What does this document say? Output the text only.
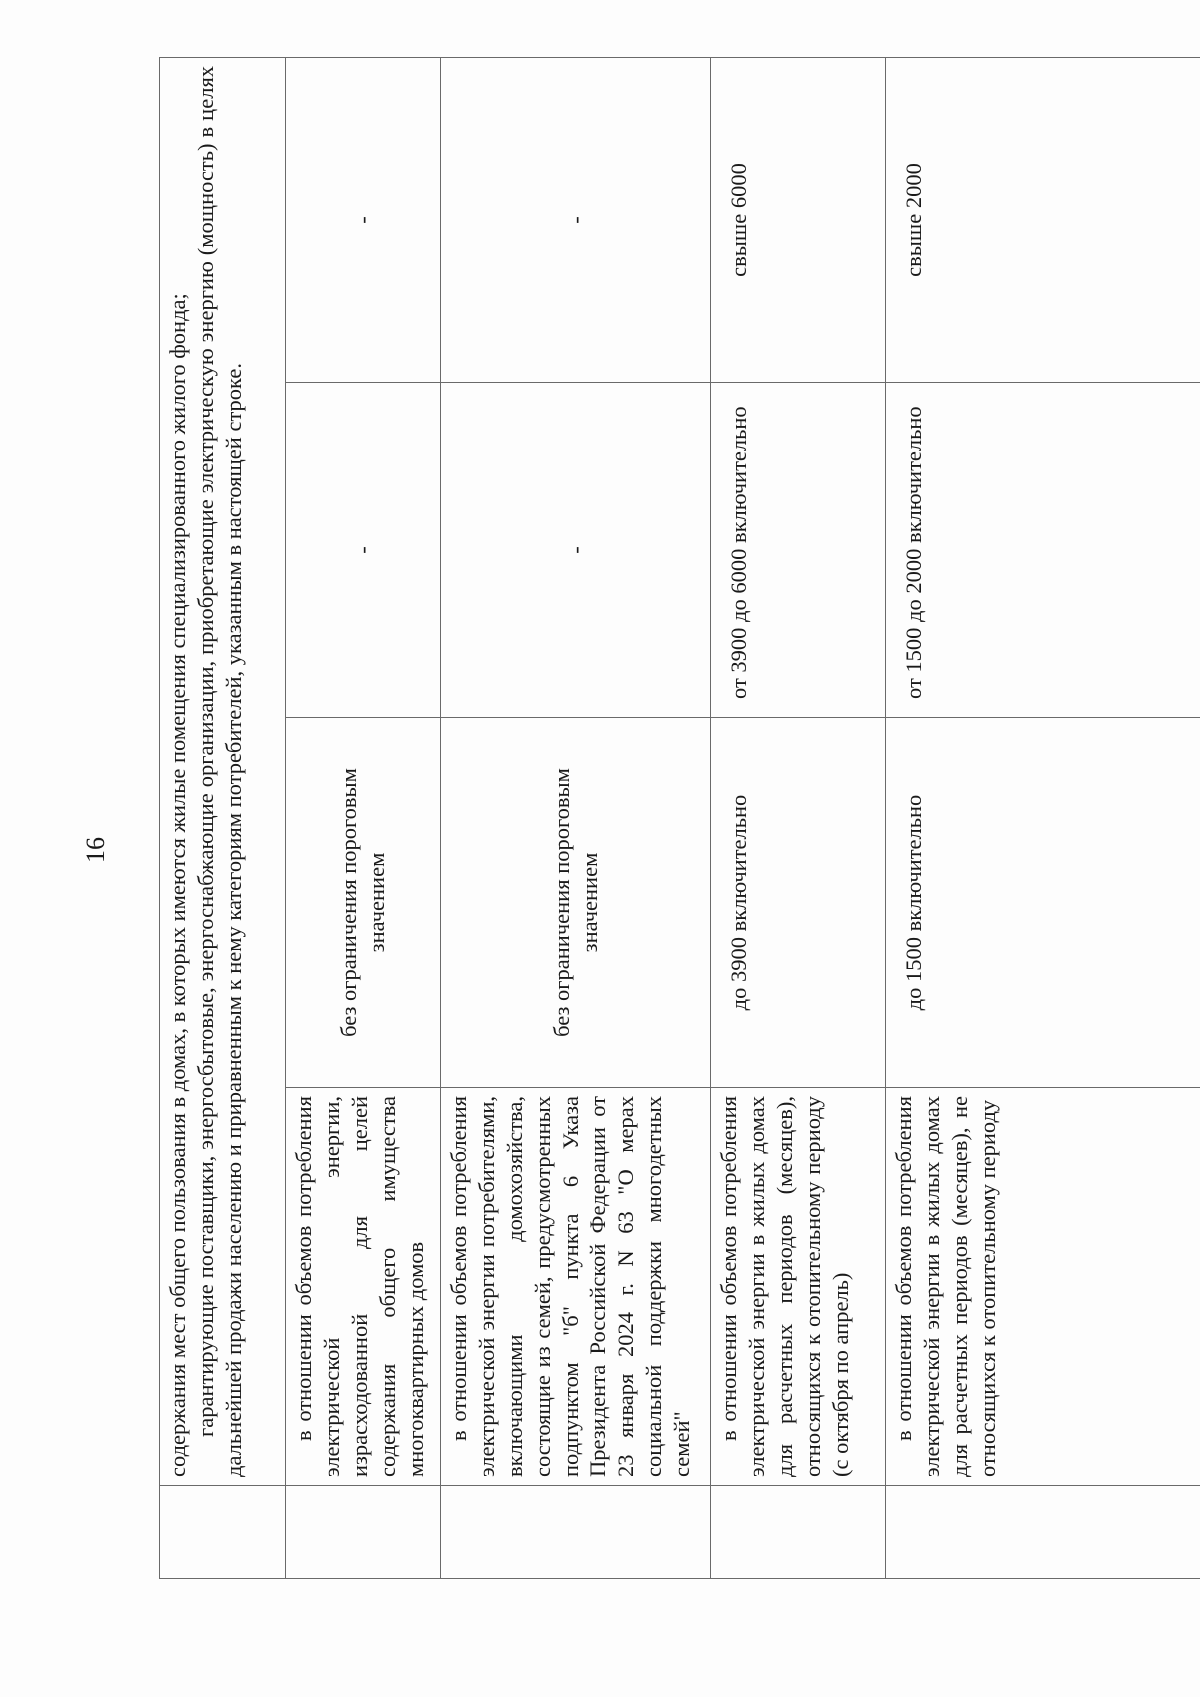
16

	содержания мест общего пользования в домах, в которых имеются жилые помещения специализированного жилого фонда; гарантирующие поставщики, энергосбытовые, энергоснабжающие организации, приобретающие электрическую энергию (мощность) в целях дальнейшей продажи населению и приравненным к нему категориям потребителей, указанным в настоящей строке.			

	в отношении объемов потребления электрической энергии, израсходованной для целей содержания общего имущества многоквартирных домов	без ограничения пороговым значением	-	-
	в отношении объемов потребления электрической энергии потребителями, включающими домохозяйства, состоящие из семей, предусмотренных подпунктом "б" пункта 6 Указа Президента Российской Федерации от 23 января 2024 г. N 63 "О мерах социальной поддержки многодетных семей"	без ограничения пороговым значением	-	-
	в отношении объемов потребления электрической энергии в жилых домах для расчетных периодов (месяцев), относящихся к отопительному периоду (с октября по апрель)	до 3900 включительно	от 3900 до 6000 включительно	свыше 6000
	в отношении объемов потребления электрической энергии в жилых домах для расчетных периодов (месяцев), не относящихся к отопительному периоду	до 1500 включительно	от 1500 до 2000 включительно	свыше 2000
